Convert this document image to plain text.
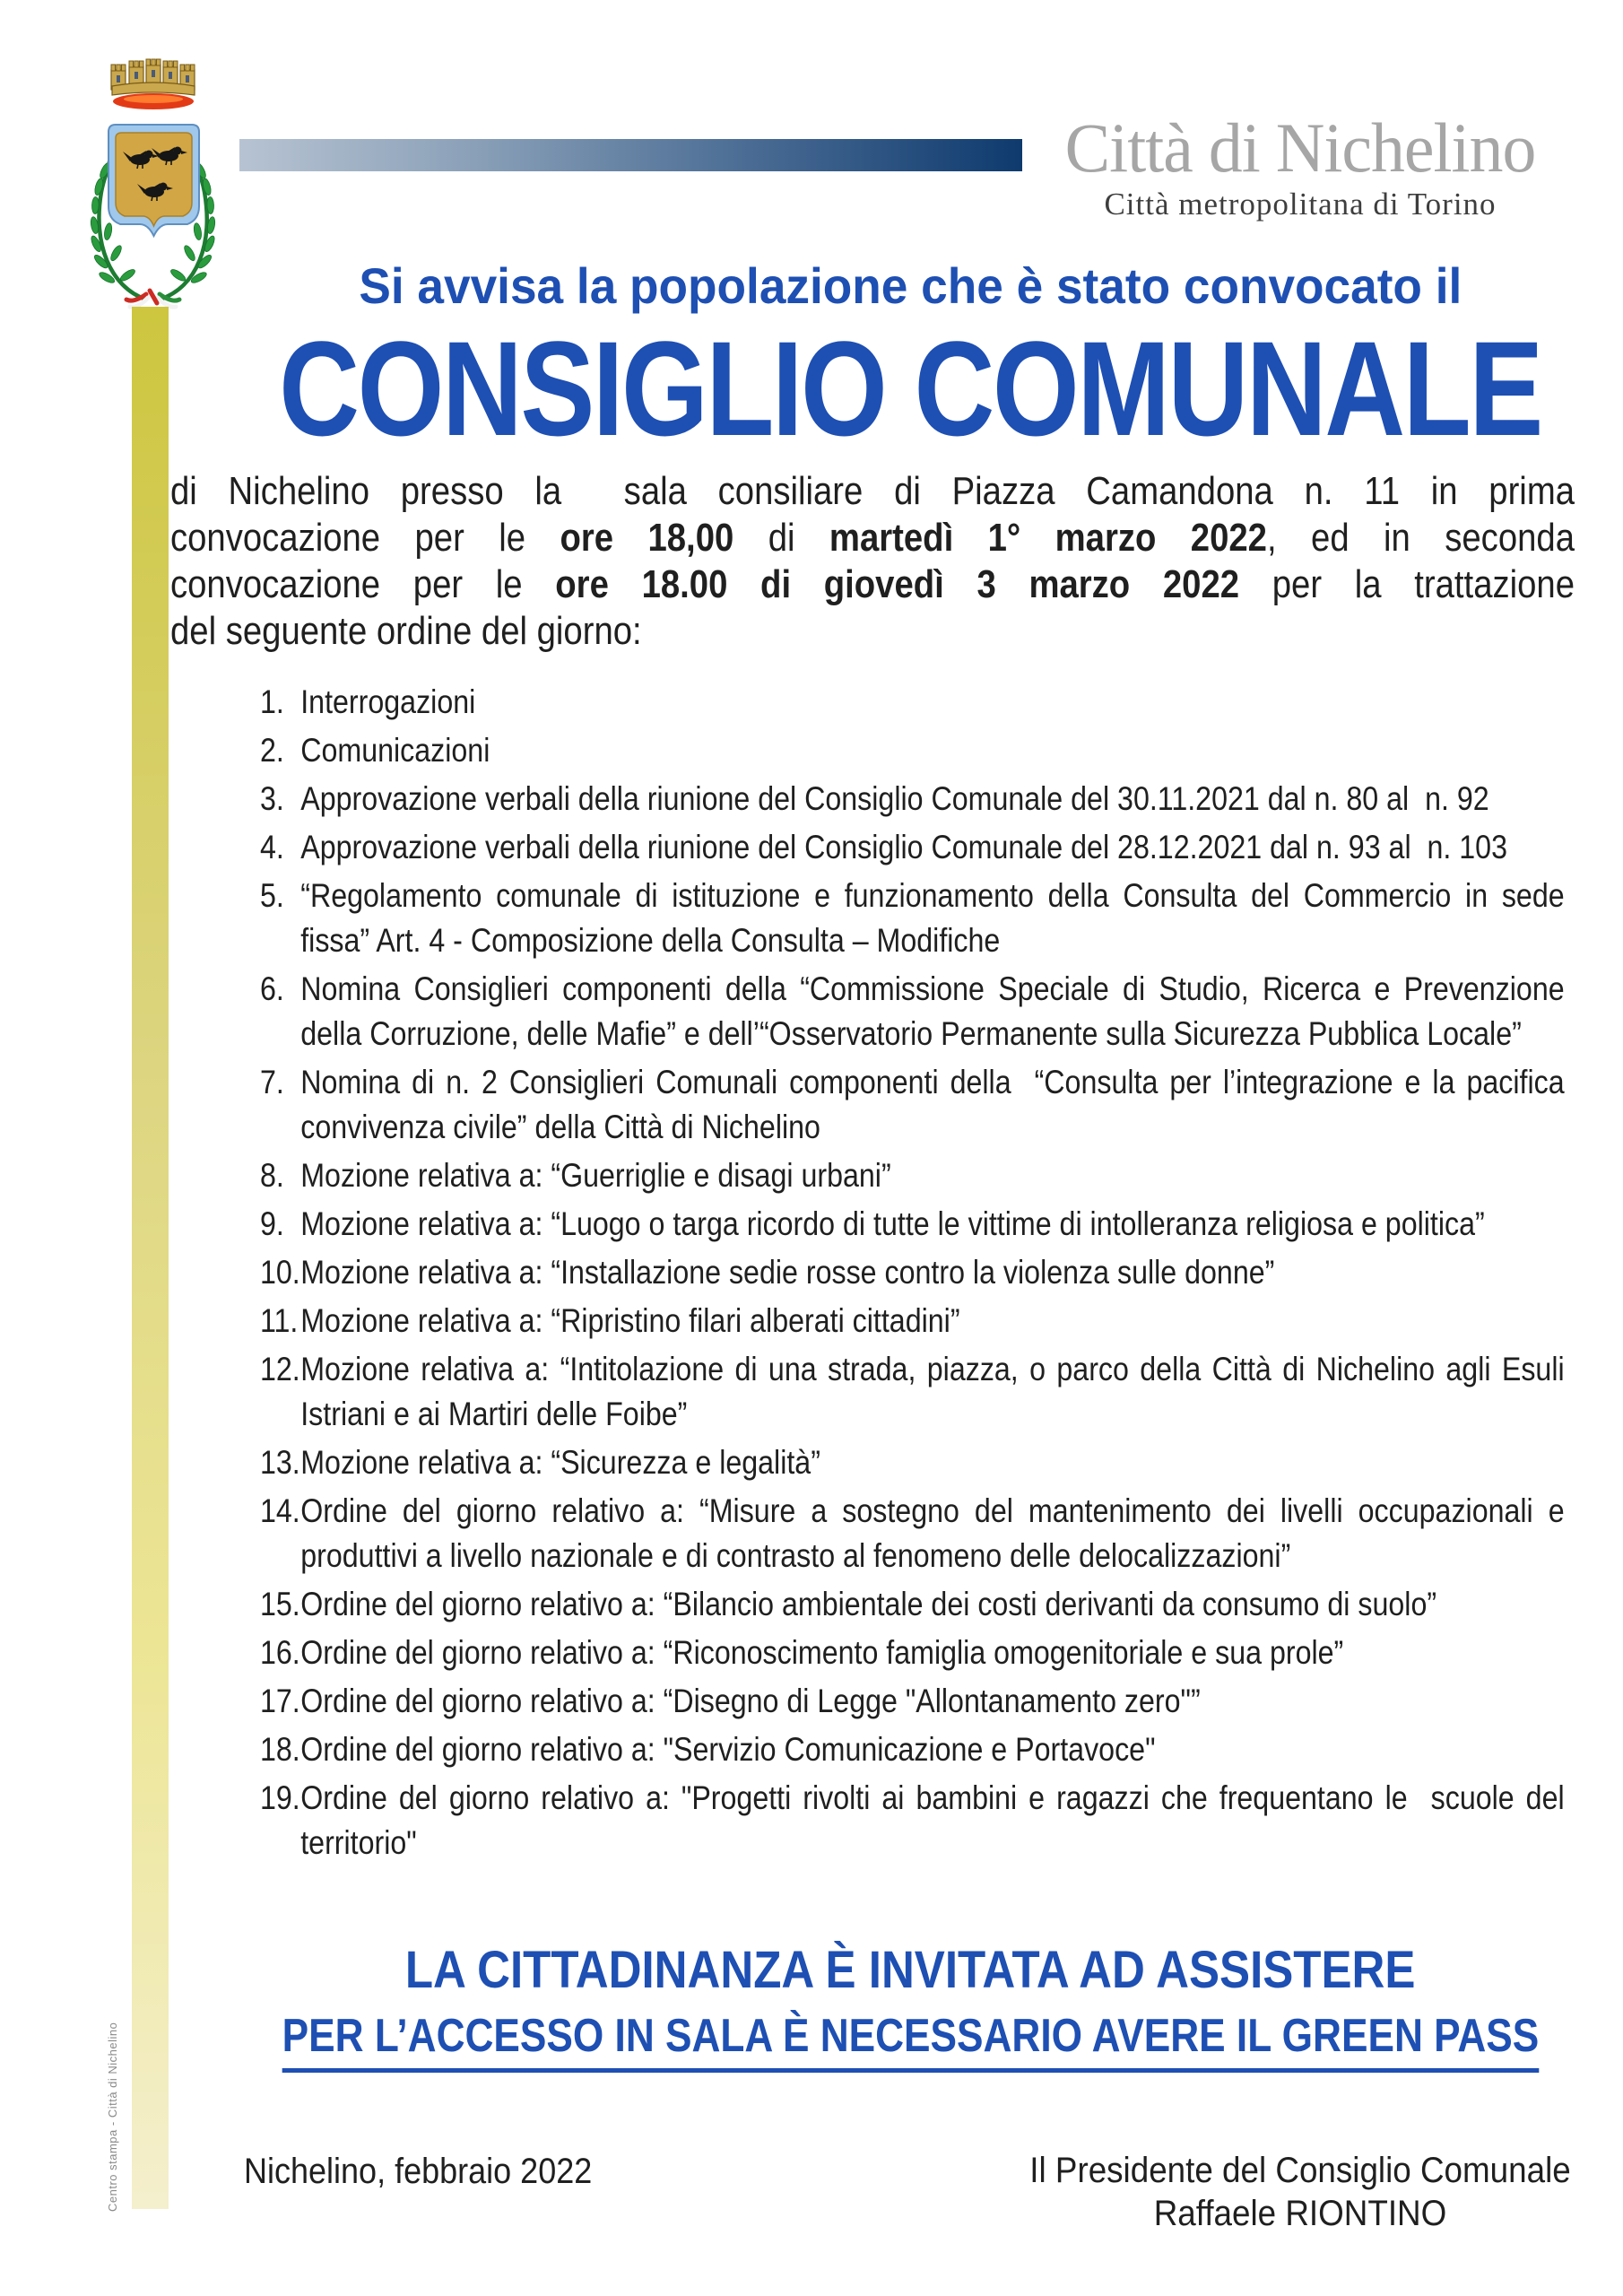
Città di Nichelino
Città metropolitana di Torino
Si avvisa la popolazione che è stato convocato il
CONSIGLIO COMUNALE
di Nichelino presso la  sala consiliare di Piazza Camandona n. 11 in prima
convocazione per le ore 18,00 di martedì 1° marzo 2022, ed in seconda
convocazione per le ore 18.00 di giovedì 3 marzo 2022 per la trattazione
del seguente ordine del giorno:
1. Interrogazioni
2. Comunicazioni
3. Approvazione verbali della riunione del Consiglio Comunale del 30.11.2021 dal n. 80 al  n. 92
4. Approvazione verbali della riunione del Consiglio Comunale del 28.12.2021 dal n. 93 al  n. 103
5. “Regolamento comunale di istituzione e funzionamento della Consulta del Commercio in sede fissa” Art. 4 - Composizione della Consulta – Modifiche
6. Nomina Consiglieri componenti della “Commissione Speciale di Studio, Ricerca e Prevenzione della Corruzione, delle Mafie” e dell’“Osservatorio Permanente sulla Sicurezza Pubblica Locale”
7. Nomina di n. 2 Consiglieri Comunali componenti della  “Consulta per l’integrazione e la pacifica convivenza civile” della Città di Nichelino
8. Mozione relativa a: “Guerriglie e disagi urbani”
9. Mozione relativa a: “Luogo o targa ricordo di tutte le vittime di intolleranza religiosa e politica”
10. Mozione relativa a: “Installazione sedie rosse contro la violenza sulle donne”
11. Mozione relativa a: “Ripristino filari alberati cittadini”
12. Mozione relativa a: “Intitolazione di una strada, piazza, o parco della Città di Nichelino agli Esuli Istriani e ai Martiri delle Foibe”
13. Mozione relativa a: “Sicurezza e legalità”
14. Ordine del giorno relativo a: “Misure a sostegno del mantenimento dei livelli occupazionali e produttivi a livello nazionale e di contrasto al fenomeno delle delocalizzazioni”
15. Ordine del giorno relativo a: “Bilancio ambientale dei costi derivanti da consumo di suolo”
16. Ordine del giorno relativo a: “Riconoscimento famiglia omogenitoriale e sua prole”
17. Ordine del giorno relativo a: “Disegno di Legge "Allontanamento zero"”
18. Ordine del giorno relativo a: "Servizio Comunicazione e Portavoce"
19. Ordine del giorno relativo a: "Progetti rivolti ai bambini e ragazzi che frequentano le  scuole del territorio"
LA CITTADINANZA È INVITATA AD ASSISTERE
PER L’ACCESSO IN SALA È NECESSARIO AVERE IL GREEN PASS
Nichelino, febbraio 2022	Il Presidente del Consiglio Comunale
Raffaele RIONTINO
Centro stampa - Città di Nichelino
